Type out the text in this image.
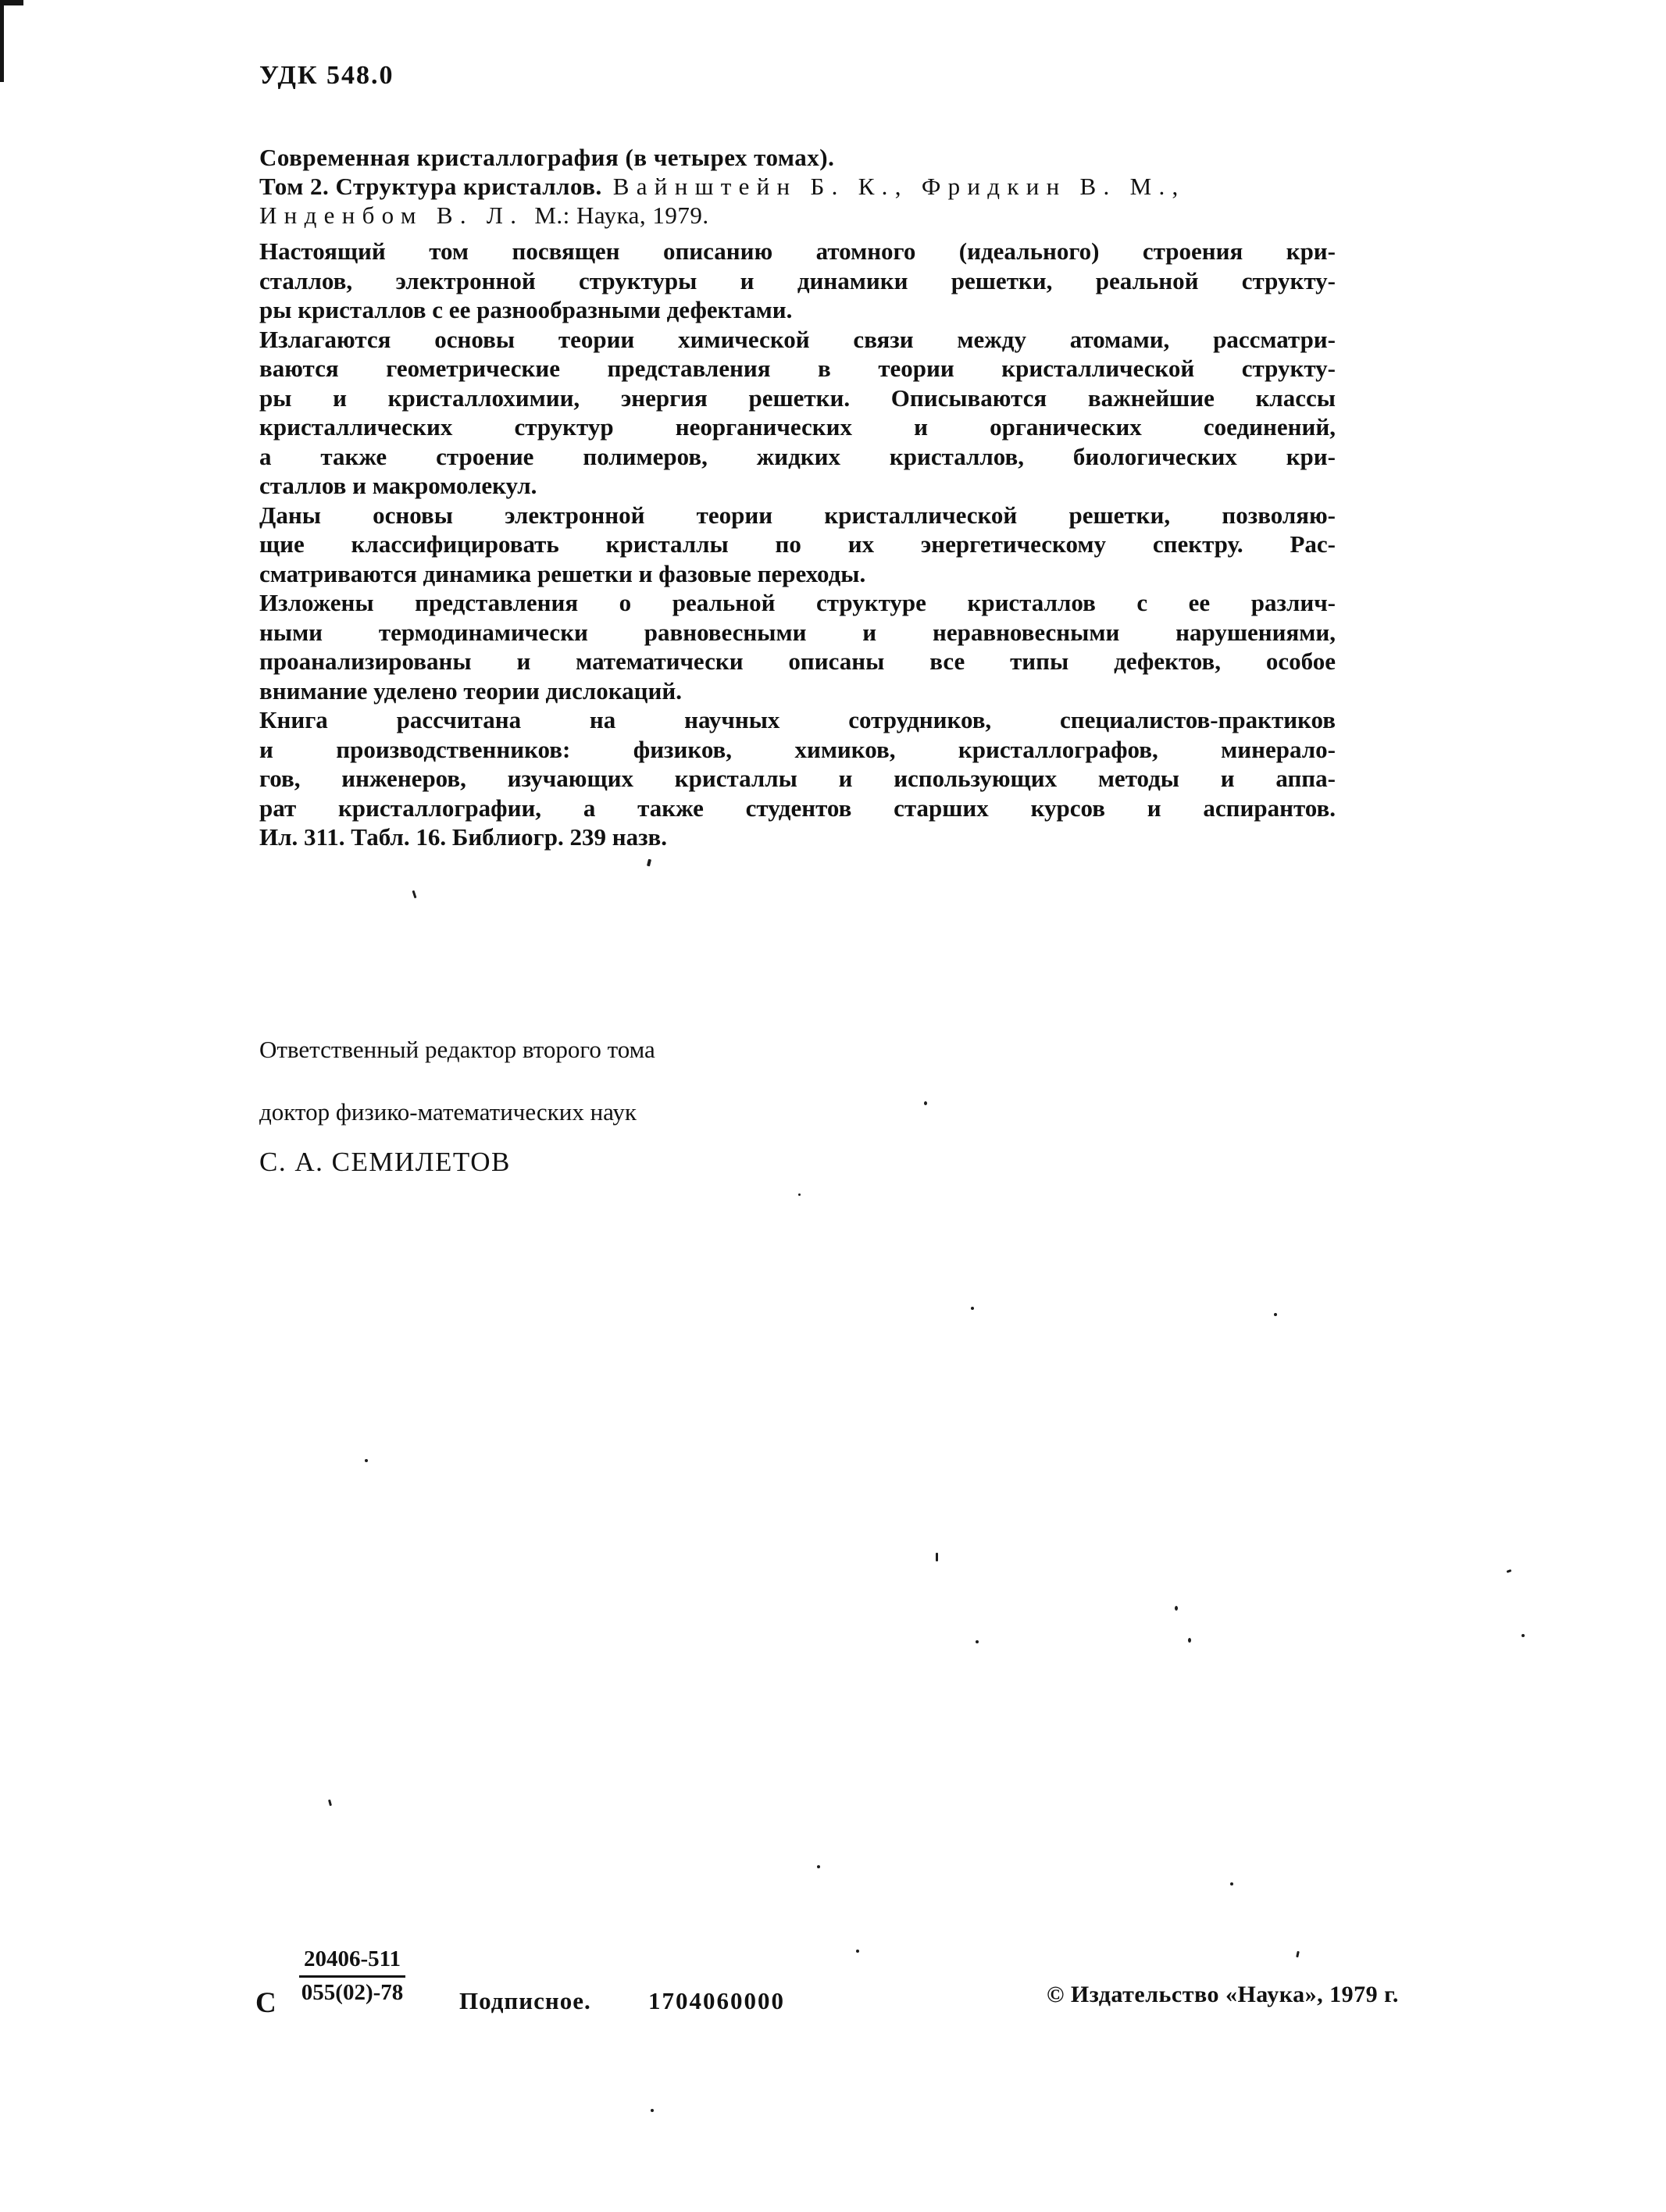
УДК 548.0
Современная кристаллография (в четырех томах).
Том 2. Структура кристаллов. Вайнштейн Б. К., Фридкин В. М.,
Инденбом В. Л. М.: Наука, 1979.
Настоящий том посвящен описанию атомного (идеального) строения кри-
сталлов, электронной структуры и динамики решетки, реальной структу-
ры кристаллов с ее разнообразными дефектами.
Излагаются основы теории химической связи между атомами, рассматри-
ваются геометрические представления в теории кристаллической структу-
ры и кристаллохимии, энергия решетки. Описываются важнейшие классы
кристаллических структур неорганических и органических соединений,
а также строение полимеров, жидких кристаллов, биологических кри-
сталлов и макромолекул.
Даны основы электронной теории кристаллической решетки, позволяю-
щие классифицировать кристаллы по их энергетическому спектру. Рас-
сматриваются динамика решетки и фазовые переходы.
Изложены представления о реальной структуре кристаллов с ее различ-
ными термодинамически равновесными и неравновесными нарушениями,
проанализированы и математически описаны все типы дефектов, особое
внимание уделено теории дислокаций.
Книга рассчитана на научных сотрудников, специалистов-практиков
и производственников: физиков, химиков, кристаллографов, минерало-
гов, инженеров, изучающих кристаллы и использующих методы и аппа-
рат кристаллографии, а также студентов старших курсов и аспирантов.
Ил. 311. Табл. 16. Библиогр. 239 назв.
Ответственный редактор второго тома
доктор физико-математических наук
С. А. СЕМИЛЕТОВ
С $\frac{20406-511}{055(02)-78}$ Подписное. 1704060000	© Издательство «Наука», 1979 г.
